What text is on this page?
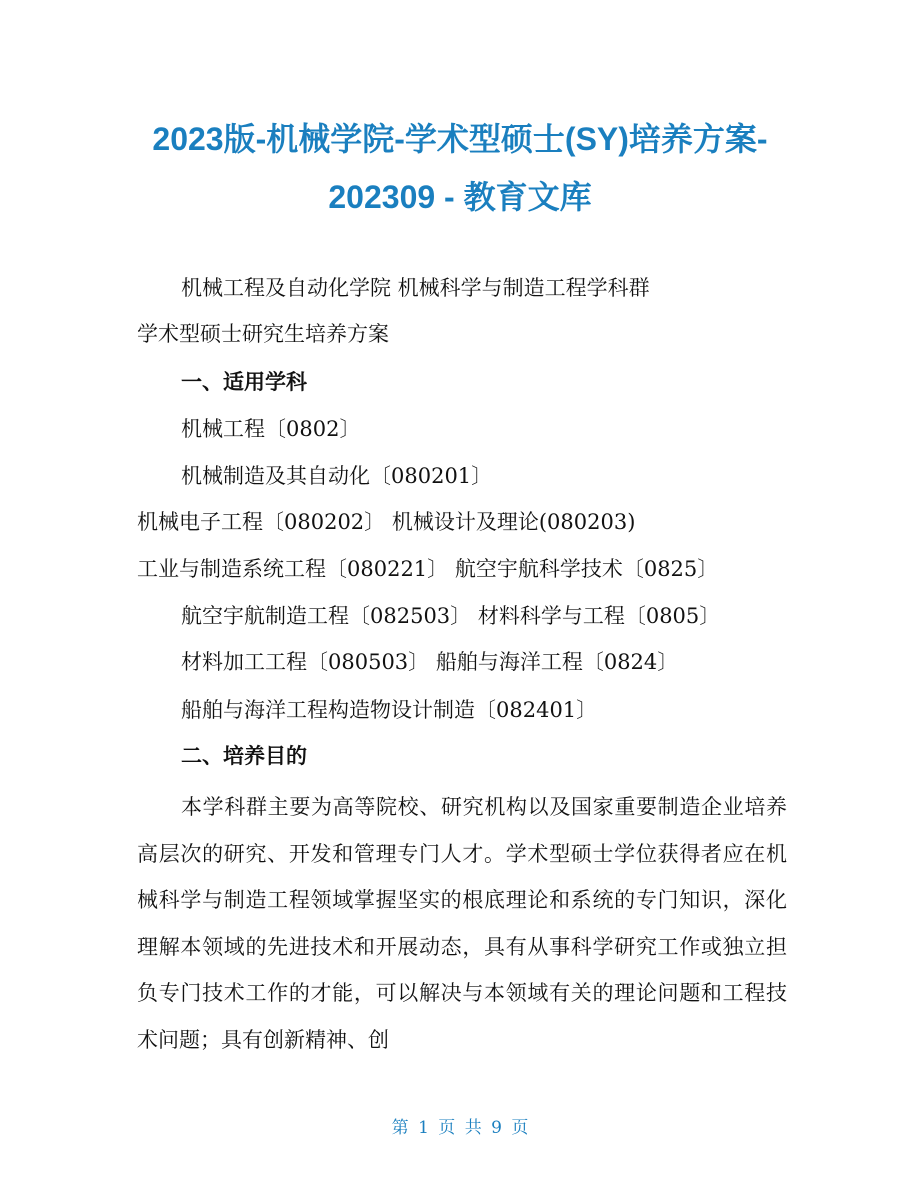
2023版-机械学院-学术型硕士(SY)培养方案-
202309 - 教育文库
机械工程及自动化学院 机械科学与制造工程学科群
学术型硕士研究生培养方案
一、适用学科
机械工程〔0802〕
机械制造及其自动化〔080201〕
机械电子工程〔080202〕 机械设计及理论(080203)
工业与制造系统工程〔080221〕 航空宇航科学技术〔0825〕
航空宇航制造工程〔082503〕 材料科学与工程〔0805〕
材料加工工程〔080503〕 船舶与海洋工程〔0824〕
船舶与海洋工程构造物设计制造〔082401〕
二、培养目的
本学科群主要为高等院校、研究机构以及国家重要制造企业培养高层次的研究、开发和管理专门人才。学术型硕士学位获得者应在机械科学与制造工程领域掌握坚实的根底理论和系统的专门知识，深化理解本领域的先进技术和开展动态，具有从事科学研究工作或独立担负专门技术工作的才能，可以解决与本领域有关的理论问题和工程技术问题；具有创新精神、创
第 1 页 共 9 页
